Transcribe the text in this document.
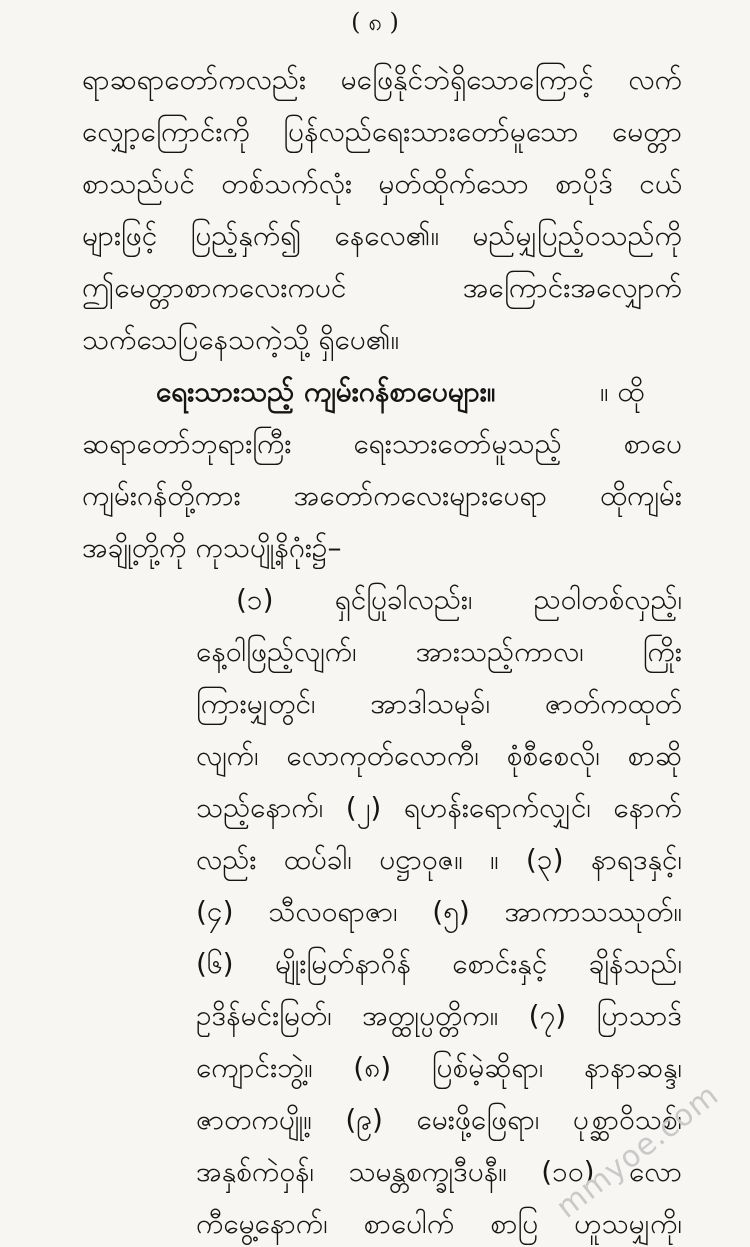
( ၈ )
ရာဆရာတော်ကလည်း မဖြေနိုင်ဘဲရှိသောကြောင့် လက်
လျှော့ကြောင်းကို ပြန်လည်ရေးသားတော်မူသော မေတ္တာ
စာသည်ပင် တစ်သက်လုံး မှတ်ထိုက်သော စာပိုဒ် ငယ်
များဖြင့် ပြည့်နှက်၍ နေလေ၏။ မည်မျှပြည့်ဝသည်ကို
ဤမေတ္တာစာကလေးကပင် အကြောင်းအလျှောက်
သက်သေပြနေသကဲ့သို့ ရှိပေ၏။
ရေးသားသည့် ကျမ်းဂန်စာပေများ။	။ ထို
ဆရာတော်ဘုရားကြီး ရေးသားတော်မူသည့် စာပေ
ကျမ်းဂန်တို့ကား အတော်ကလေးများပေရာ ထိုကျမ်း
အချို့တို့ကို ကုသပျို့နိဂုံး၌–
(၁) ရှင်ပြုခါလည်း၊ ညဝါတစ်လှည့်၊
နေ့ဝါဖြည့်လျက်၊ အားသည့်ကာလ၊ ကြိုး
ကြားမျှတွင်၊ အာဒါသမုခ်၊ ဇာတ်ကထုတ်
လျက်၊ လောကုတ်လောကီ၊ စုံစီစေလို၊ စာဆို
သည့်နောက်၊ (၂) ရဟန်းရောက်လျှင်၊ နောက်
လည်း ထပ်ခါ၊ ပဋ္ဌာဝုဇ။ ။ (၃) နာရဒနှင့်၊
(၄) သီလဝရာဇာ၊ (၅) အာကာသဿုတ်။
(၆) မျိုးမြတ်နာဂိန် စောင်းနှင့် ချိန်သည်၊
ဥဒိန်မင်းမြတ်၊ အတ္ထုပ္ပတ္တိက။ (၇) ပြာသာဒ်
ကျောင်းဘွဲ့။ (၈) ပြစ်မဲ့ဆိုရာ၊ နာနာဆန္ဒ၊
ဇာတကပျို့။ (၉) မေးဖို့ဖြေရာ၊ ပုစ္ဆာဝိသစ်၊
အနှစ်ကဲဝှန်၊ သမန္တစက္ခုဒီပနီ။ (၁၀) လော
ကီမွေ့နောက်၊ စာပေါက် စာပြ ဟူသမျှကို၊
mmyoe.com
